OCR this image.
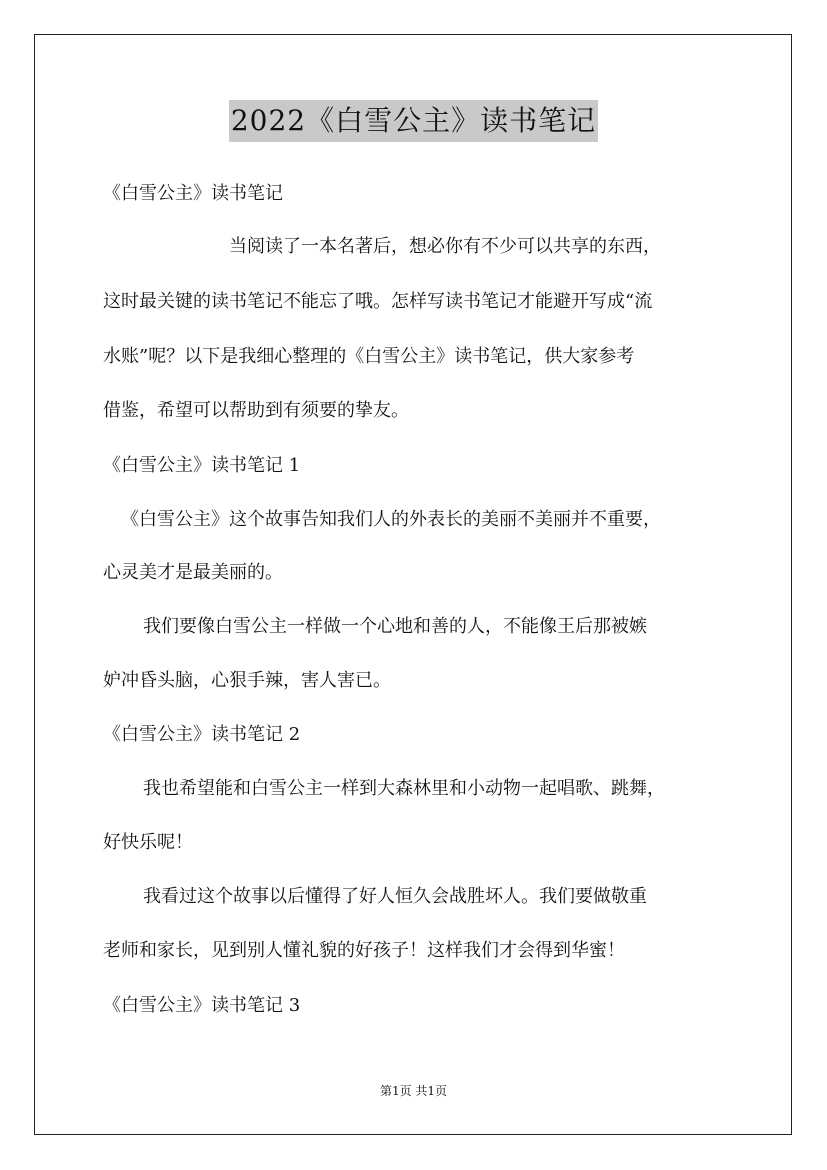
2022《白雪公主》读书笔记
《白雪公主》读书笔记
当阅读了一本名著后，想必你有不少可以共享的东西，
这时最关键的读书笔记不能忘了哦。怎样写读书笔记才能避开写成“流
水账”呢？以下是我细心整理的《白雪公主》读书笔记，供大家参考
借鉴，希望可以帮助到有须要的挚友。
《白雪公主》读书笔记 1
《白雪公主》这个故事告知我们人的外表长的美丽不美丽并不重要，
心灵美才是最美丽的。
我们要像白雪公主一样做一个心地和善的人，不能像王后那被嫉
妒冲昏头脑，心狠手辣，害人害已。
《白雪公主》读书笔记 2
我也希望能和白雪公主一样到大森林里和小动物一起唱歌、跳舞，
好快乐呢！
我看过这个故事以后懂得了好人恒久会战胜坏人。我们要做敬重
老师和家长，见到别人懂礼貌的好孩子！这样我们才会得到华蜜！
《白雪公主》读书笔记 3
第1页 共1页
